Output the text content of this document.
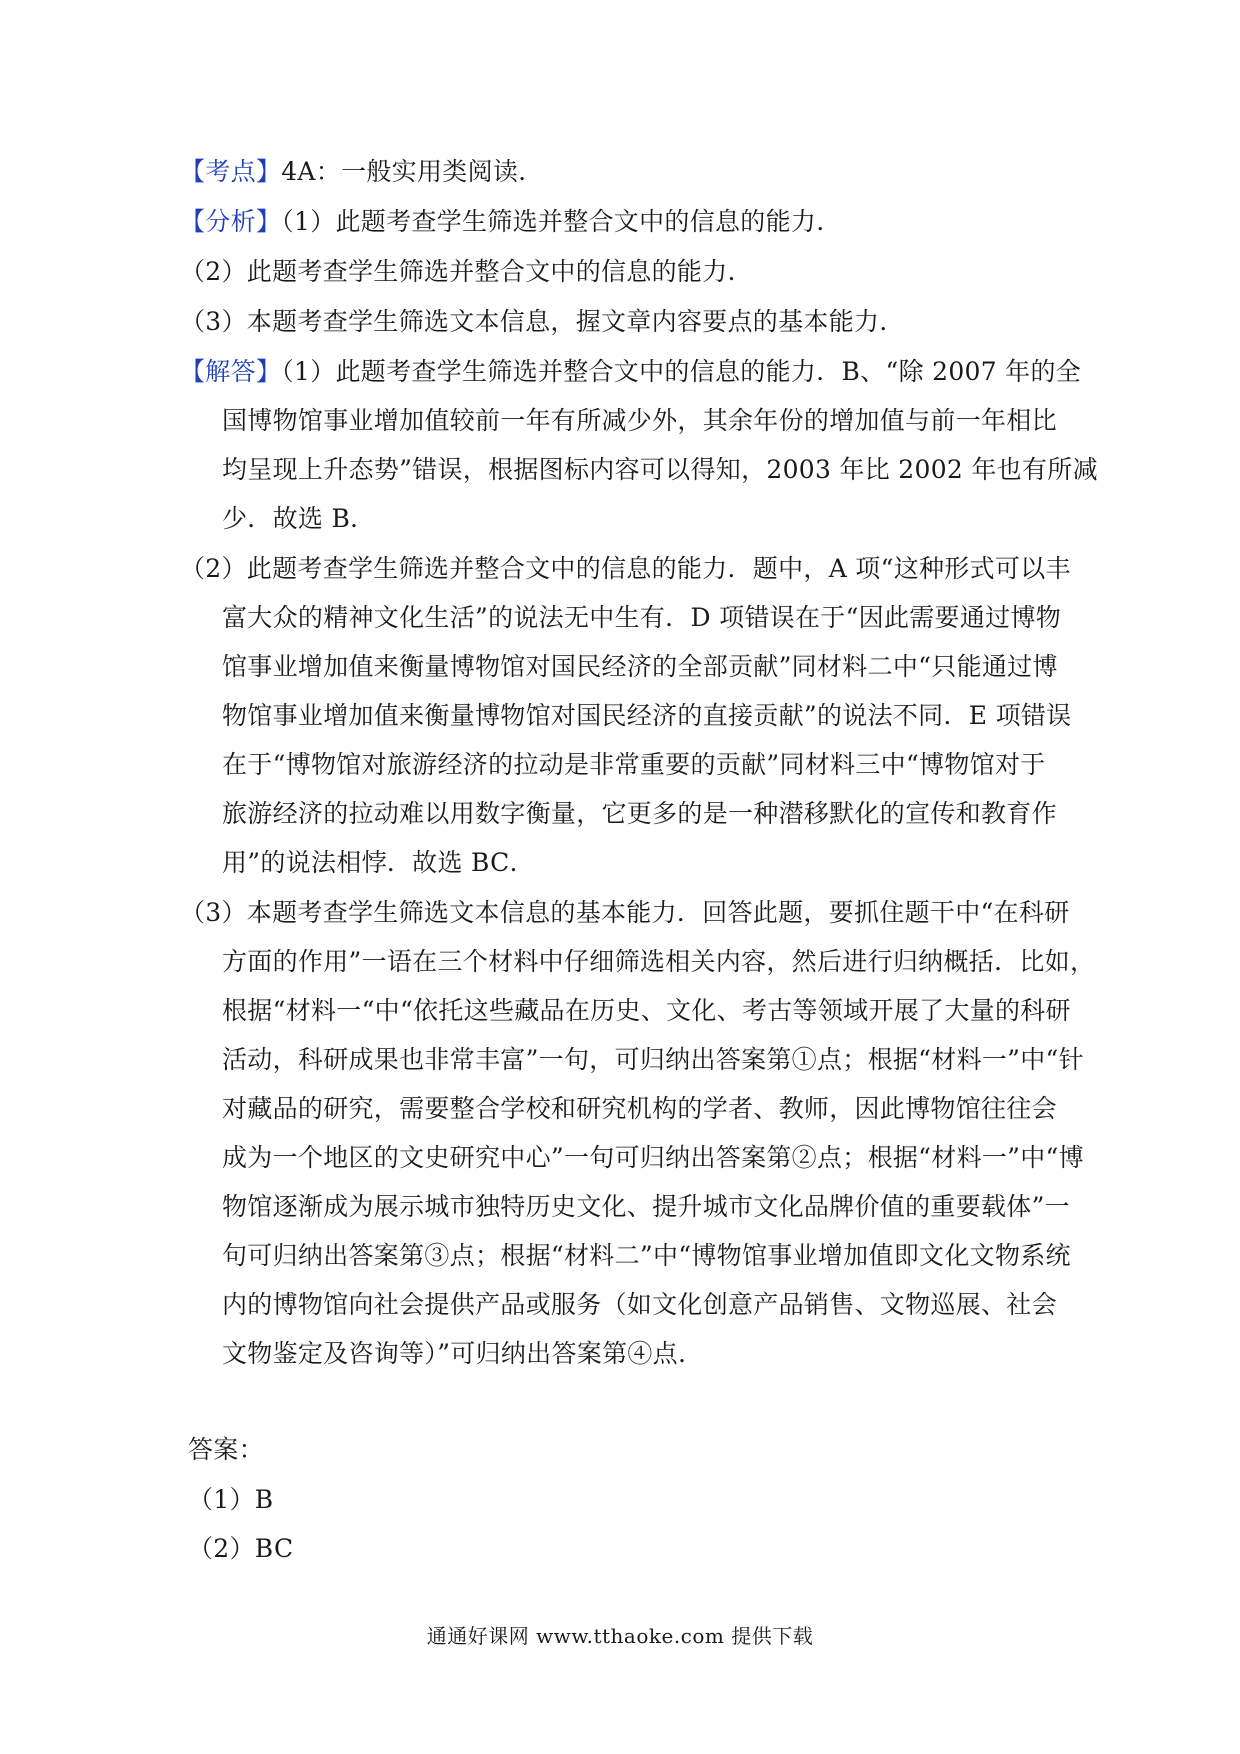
【考点】4A：一般实用类阅读.
【分析】（1）此题考查学生筛选并整合文中的信息的能力.
（2）此题考查学生筛选并整合文中的信息的能力.
（3）本题考查学生筛选文本信息，握文章内容要点的基本能力.
【解答】（1）此题考查学生筛选并整合文中的信息的能力．B、“除 2007 年的全
国博物馆事业增加值较前一年有所减少外，其余年份的增加值与前一年相比
均呈现上升态势”错误，根据图标内容可以得知，2003 年比 2002 年也有所减
少．故选 B．
（2）此题考查学生筛选并整合文中的信息的能力．题中，A 项“这种形式可以丰
富大众的精神文化生活”的说法无中生有．D 项错误在于“因此需要通过博物
馆事业增加值来衡量博物馆对国民经济的全部贡献”同材料二中“只能通过博
物馆事业增加值来衡量博物馆对国民经济的直接贡献”的说法不同．E 项错误
在于“博物馆对旅游经济的拉动是非常重要的贡献”同材料三中“博物馆对于
旅游经济的拉动难以用数字衡量，它更多的是一种潜移默化的宣传和教育作
用”的说法相悖．故选 BC．
（3）本题考查学生筛选文本信息的基本能力．回答此题，要抓住题干中“在科研
方面的作用”一语在三个材料中仔细筛选相关内容，然后进行归纳概括．比如，
根据“材料一“中“依托这些藏品在历史、文化、考古等领域开展了大量的科研
活动，科研成果也非常丰富”一句，可归纳出答案第①点；根据“材料一”中“针
对藏品的研究，需要整合学校和研究机构的学者、教师，因此博物馆往往会
成为一个地区的文史研究中心”一句可归纳出答案第②点；根据“材料一”中“博
物馆逐渐成为展示城市独特历史文化、提升城市文化品牌价值的重要载体”一
句可归纳出答案第③点；根据“材料二”中“博物馆事业增加值即文化文物系统
内的博物馆向社会提供产品或服务（如文化创意产品销售、文物巡展、社会
文物鉴定及咨询等）”可归纳出答案第④点.
答案：
（1）B
（2）BC
通通好课网 www.tthaoke.com 提供下载
